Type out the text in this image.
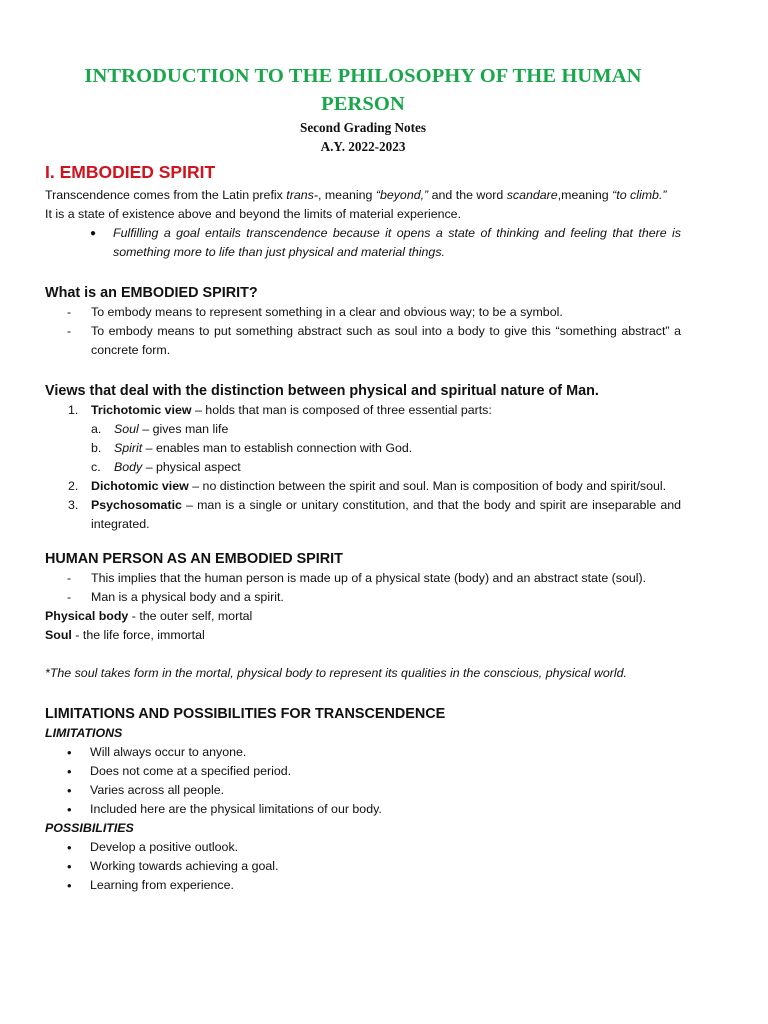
INTRODUCTION TO THE PHILOSOPHY OF THE HUMAN PERSON

Second Grading Notes

A.Y. 2022-2023

I. EMBODIED SPIRIT

Transcendence comes from the Latin prefix trans-, meaning “beyond,” and the word scandare,meaning “to climb.”

It is a state of existence above and beyond the limits of material experience.

● Fulfilling a goal entails transcendence because it opens a state of thinking and feeling that there is something more to life than just physical and material things.
What is an EMBODIED SPIRIT?
- To embody means to represent something in a clear and obvious way; to be a symbol.
- To embody means to put something abstract such as soul into a body to give this “something abstract” a concrete form.
Views that deal with the distinction between physical and spiritual nature of Man.
1. Trichotomic view – holds that man is composed of three essential parts:
a. Soul – gives man life
b. Spirit – enables man to establish connection with God.
c. Body – physical aspect
2. Dichotomic view – no distinction between the spirit and soul. Man is composition of body and spirit/soul.
3. Psychosomatic – man is a single or unitary constitution, and that the body and spirit are inseparable and integrated.
HUMAN PERSON AS AN EMBODIED SPIRIT
- This implies that the human person is made up of a physical state (body) and an abstract state (soul).
- Man is a physical body and a spirit.

Physical body - the outer self, mortal

Soul - the life force, immortal

*The soul takes form in the mortal, physical body to represent its qualities in the conscious, physical world.

LIMITATIONS AND POSSIBILITIES FOR TRANSCENDENCE
LIMITATIONS
• Will always occur to anyone.
• Does not come at a specified period.
• Varies across all people.
• Included here are the physical limitations of our body.
POSSIBILITIES
• Develop a positive outlook.
• Working towards achieving a goal.
• Learning from experience.
